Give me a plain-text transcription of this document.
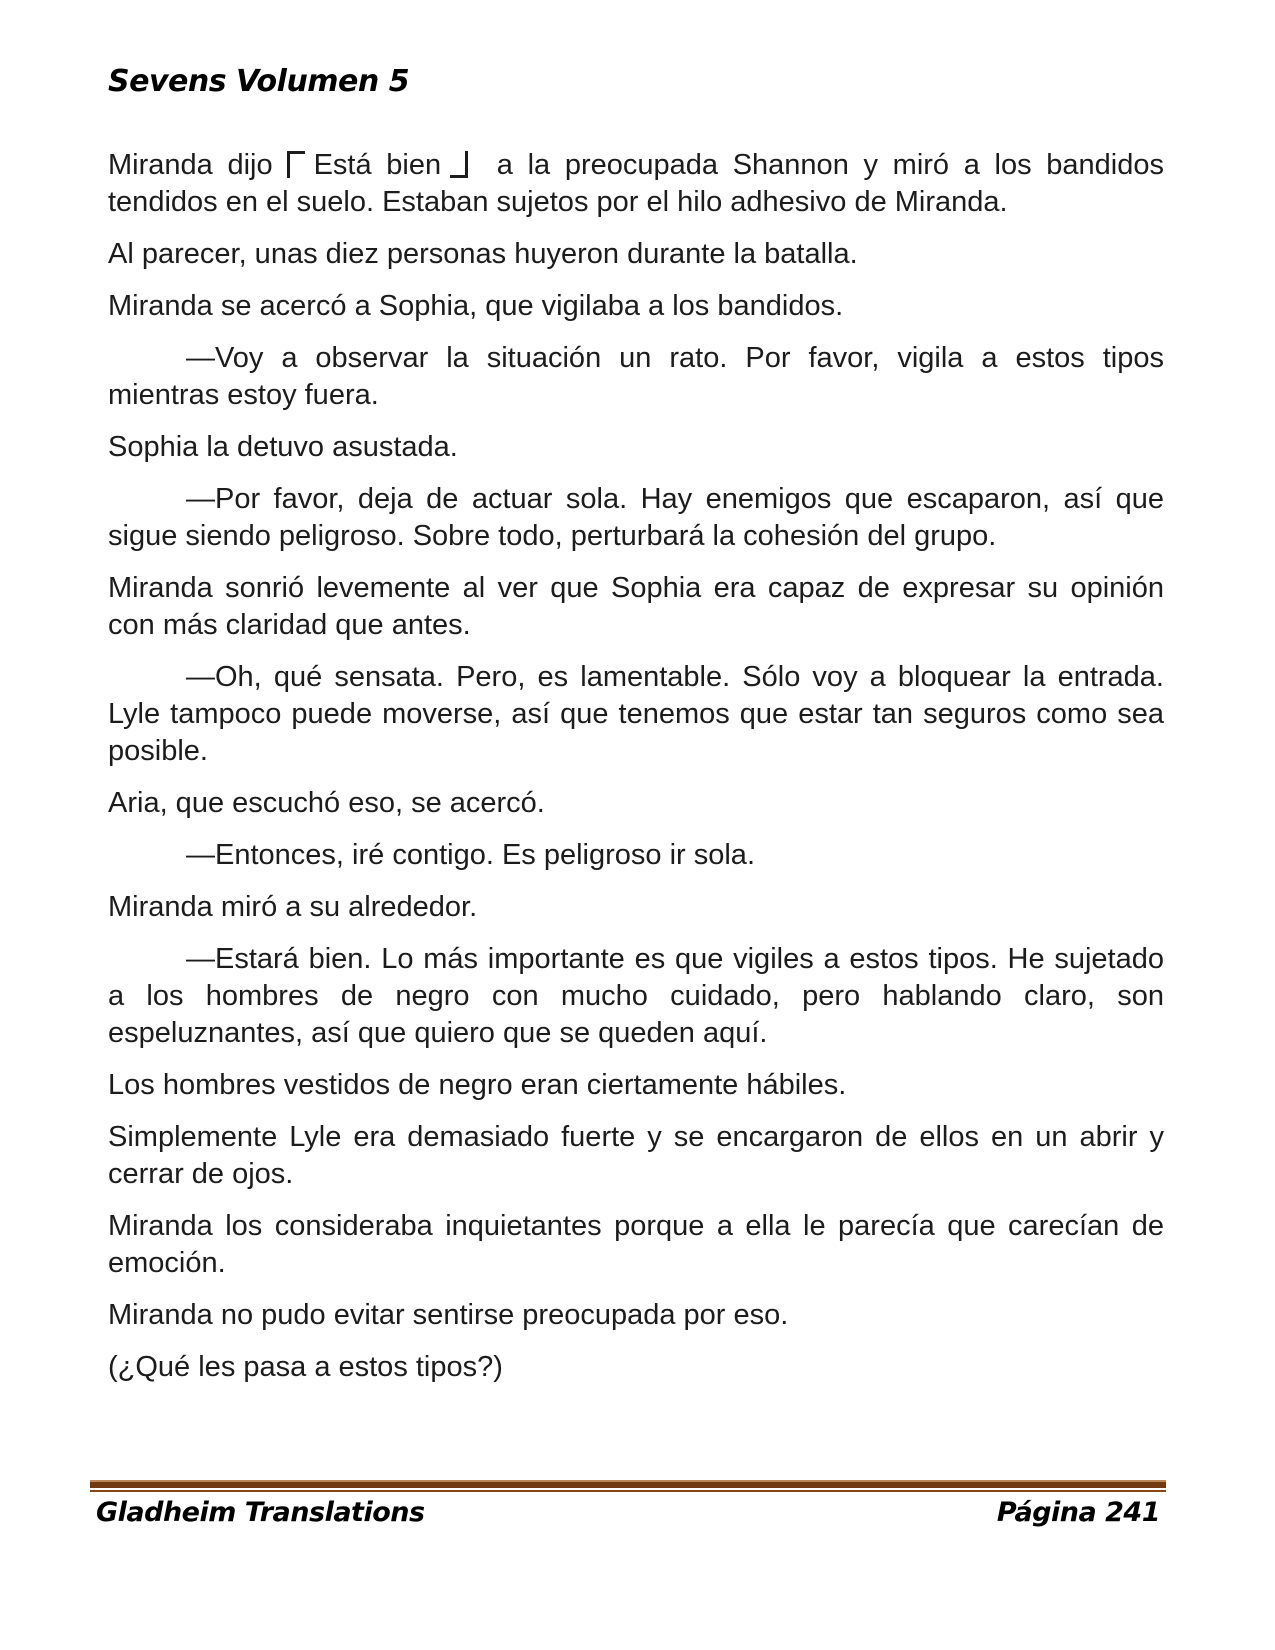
Sevens Volumen 5

Miranda dijo Está bien a la preocupada Shannon y miró a los bandidos tendidos en el suelo. Estaban sujetos por el hilo adhesivo de Miranda.

Al parecer, unas diez personas huyeron durante la batalla.

Miranda se acercó a Sophia, que vigilaba a los bandidos.

—Voy a observar la situación un rato. Por favor, vigila a estos tipos mientras estoy fuera.

Sophia la detuvo asustada.

—Por favor, deja de actuar sola. Hay enemigos que escaparon, así que sigue siendo peligroso. Sobre todo, perturbará la cohesión del grupo.

Miranda sonrió levemente al ver que Sophia era capaz de expresar su opinión con más claridad que antes.

—Oh, qué sensata. Pero, es lamentable. Sólo voy a bloquear la entrada. Lyle tampoco puede moverse, así que tenemos que estar tan seguros como sea posible.

Aria, que escuchó eso, se acercó.

—Entonces, iré contigo. Es peligroso ir sola.

Miranda miró a su alrededor.

—Estará bien. Lo más importante es que vigiles a estos tipos. He sujetado a los hombres de negro con mucho cuidado, pero hablando claro, son espeluznantes, así que quiero que se queden aquí.

Los hombres vestidos de negro eran ciertamente hábiles.

Simplemente Lyle era demasiado fuerte y se encargaron de ellos en un abrir y cerrar de ojos.

Miranda los consideraba inquietantes porque a ella le parecía que carecían de emoción.

Miranda no pudo evitar sentirse preocupada por eso.

(¿Qué les pasa a estos tipos?)

Gladheim Translations	Página 241
